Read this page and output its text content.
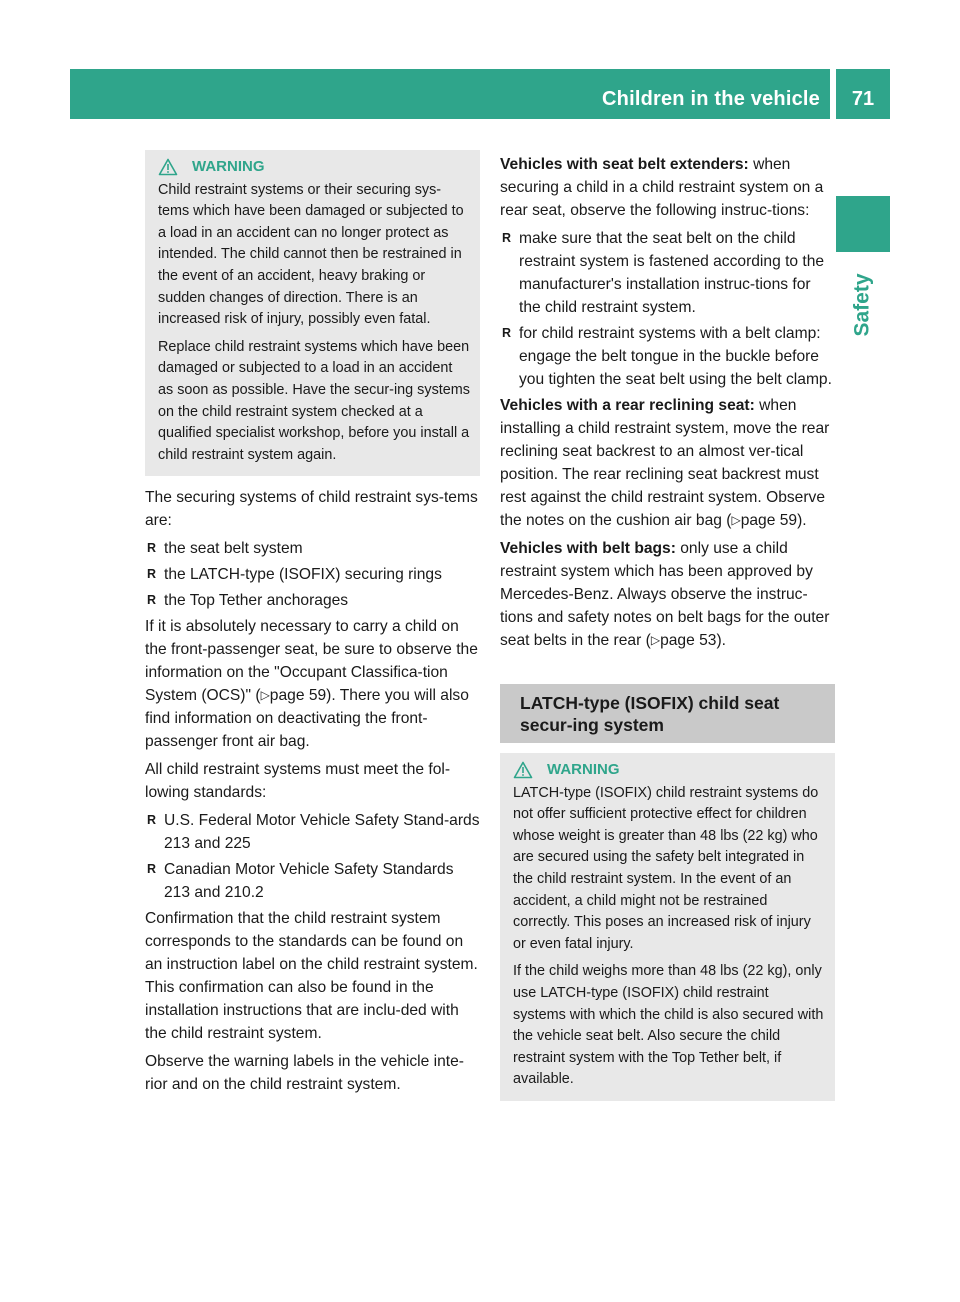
Children in the vehicle	71
Safety
WARNING

Child restraint systems or their securing sys-tems which have been damaged or subjected to a load in an accident can no longer protect as intended. The child cannot then be restrained in the event of an accident, heavy braking or sudden changes of direction. There is an increased risk of injury, possibly even fatal.

Replace child restraint systems which have been damaged or subjected to a load in an accident as soon as possible. Have the secur-ing systems on the child restraint system checked at a qualified specialist workshop, before you install a child restraint system again.

The securing systems of child restraint sys-tems are:

R the seat belt system
R the LATCH-type (ISOFIX) securing rings
R the Top Tether anchorages

If it is absolutely necessary to carry a child on the front-passenger seat, be sure to observe the information on the "Occupant Classifica-tion System (OCS)" (▷page 59). There you will also find information on deactivating the front-passenger front air bag.

All child restraint systems must meet the fol-lowing standards:

R U.S. Federal Motor Vehicle Safety Stand-ards 213 and 225
R Canadian Motor Vehicle Safety Standards 213 and 210.2

Confirmation that the child restraint system corresponds to the standards can be found on an instruction label on the child restraint system. This confirmation can also be found in the installation instructions that are inclu-ded with the child restraint system.

Observe the warning labels in the vehicle inte-rior and on the child restraint system.

Vehicles with seat belt extenders: when securing a child in a child restraint system on a rear seat, observe the following instruc-tions:

R make sure that the seat belt on the child restraint system is fastened according to the manufacturer's installation instruc-tions for the child restraint system.
R for child restraint systems with a belt clamp: engage the belt tongue in the buckle before you tighten the seat belt using the belt clamp.

Vehicles with a rear reclining seat: when installing a child restraint system, move the rear reclining seat backrest to an almost ver-tical position. The rear reclining seat backrest must rest against the child restraint system. Observe the notes on the cushion air bag (▷page 59).

Vehicles with belt bags: only use a child restraint system which has been approved by Mercedes-Benz. Always observe the instruc-tions and safety notes on belt bags for the outer seat belts in the rear (▷page 53).

LATCH-type (ISOFIX) child seat secur-ing system
WARNING

LATCH-type (ISOFIX) child restraint systems do not offer sufficient protective effect for children whose weight is greater than 48 lbs (22 kg) who are secured using the safety belt integrated in the child restraint system. In the event of an accident, a child might not be restrained correctly. This poses an increased risk of injury or even fatal injury.

If the child weighs more than 48 lbs (22 kg), only use LATCH-type (ISOFIX) child restraint systems with which the child is also secured with the vehicle seat belt. Also secure the child restraint system with the Top Tether belt, if available.
